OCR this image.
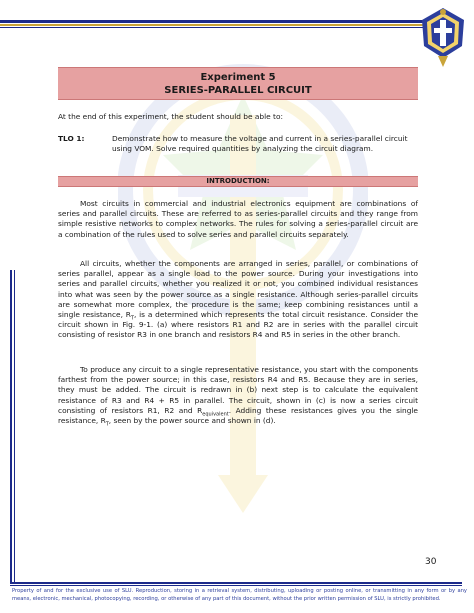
Experiment 5
SERIES-PARALLEL CIRCUIT
At the end of this experiment, the student should be able to:
TLO 1:	Demonstrate how to measure the voltage and current in a series-parallel circuit using VOM. Solve required quantities by analyzing the circuit diagram.
INTRODUCTION:
Most circuits in commercial and industrial electronics equipment are combinations of series and parallel circuits. These are referred to as series-parallel circuits and they range from simple resistive networks to complex networks. The rules for solving a series-parallel circuit are a combination of the rules used to solve series and parallel circuits separately.
All circuits, whether the components are arranged in series, parallel, or combinations of series parallel, appear as a single load to the power source. During your investigations into series and parallel circuits, whether you realized it or not, you combined individual resistances into what was seen by the power source as a single resistance. Although series-parallel circuits are somewhat more complex, the procedure is the same; keep combining resistances until a single resistance, $R_T$, is a determined which represents the total circuit resistance. Consider the circuit shown in Fig. 9-1. (a) where resistors R1 and R2 are in series with the parallel circuit consisting of resistor R3 in one branch and resistors R4 and R5 in series in the other branch.
To produce any circuit to a single representative resistance, you start with the components farthest from the power source; in this case, resistors R4 and R5. Because they are in series, they must be added. The circuit is redrawn in (b) next step is to calculate the equivalent resistance of R3 and R4 + R5 in parallel. The circuit, shown in (c) is now a series circuit consisting of resistors R1, R2 and $R_{equivalent}$. Adding these resistances gives you the single resistance, $R_T$, seen by the power source and shown in (d).
30
Property of and for the exclusive use of SLU. Reproduction, storing in a retrieval system, distributing, uploading or posting online, or transmitting in any form or by any means, electronic, mechanical, photocopying, recording, or otherwise of any part of this document, without the prior written permission of SLU, is strictly prohibited.
